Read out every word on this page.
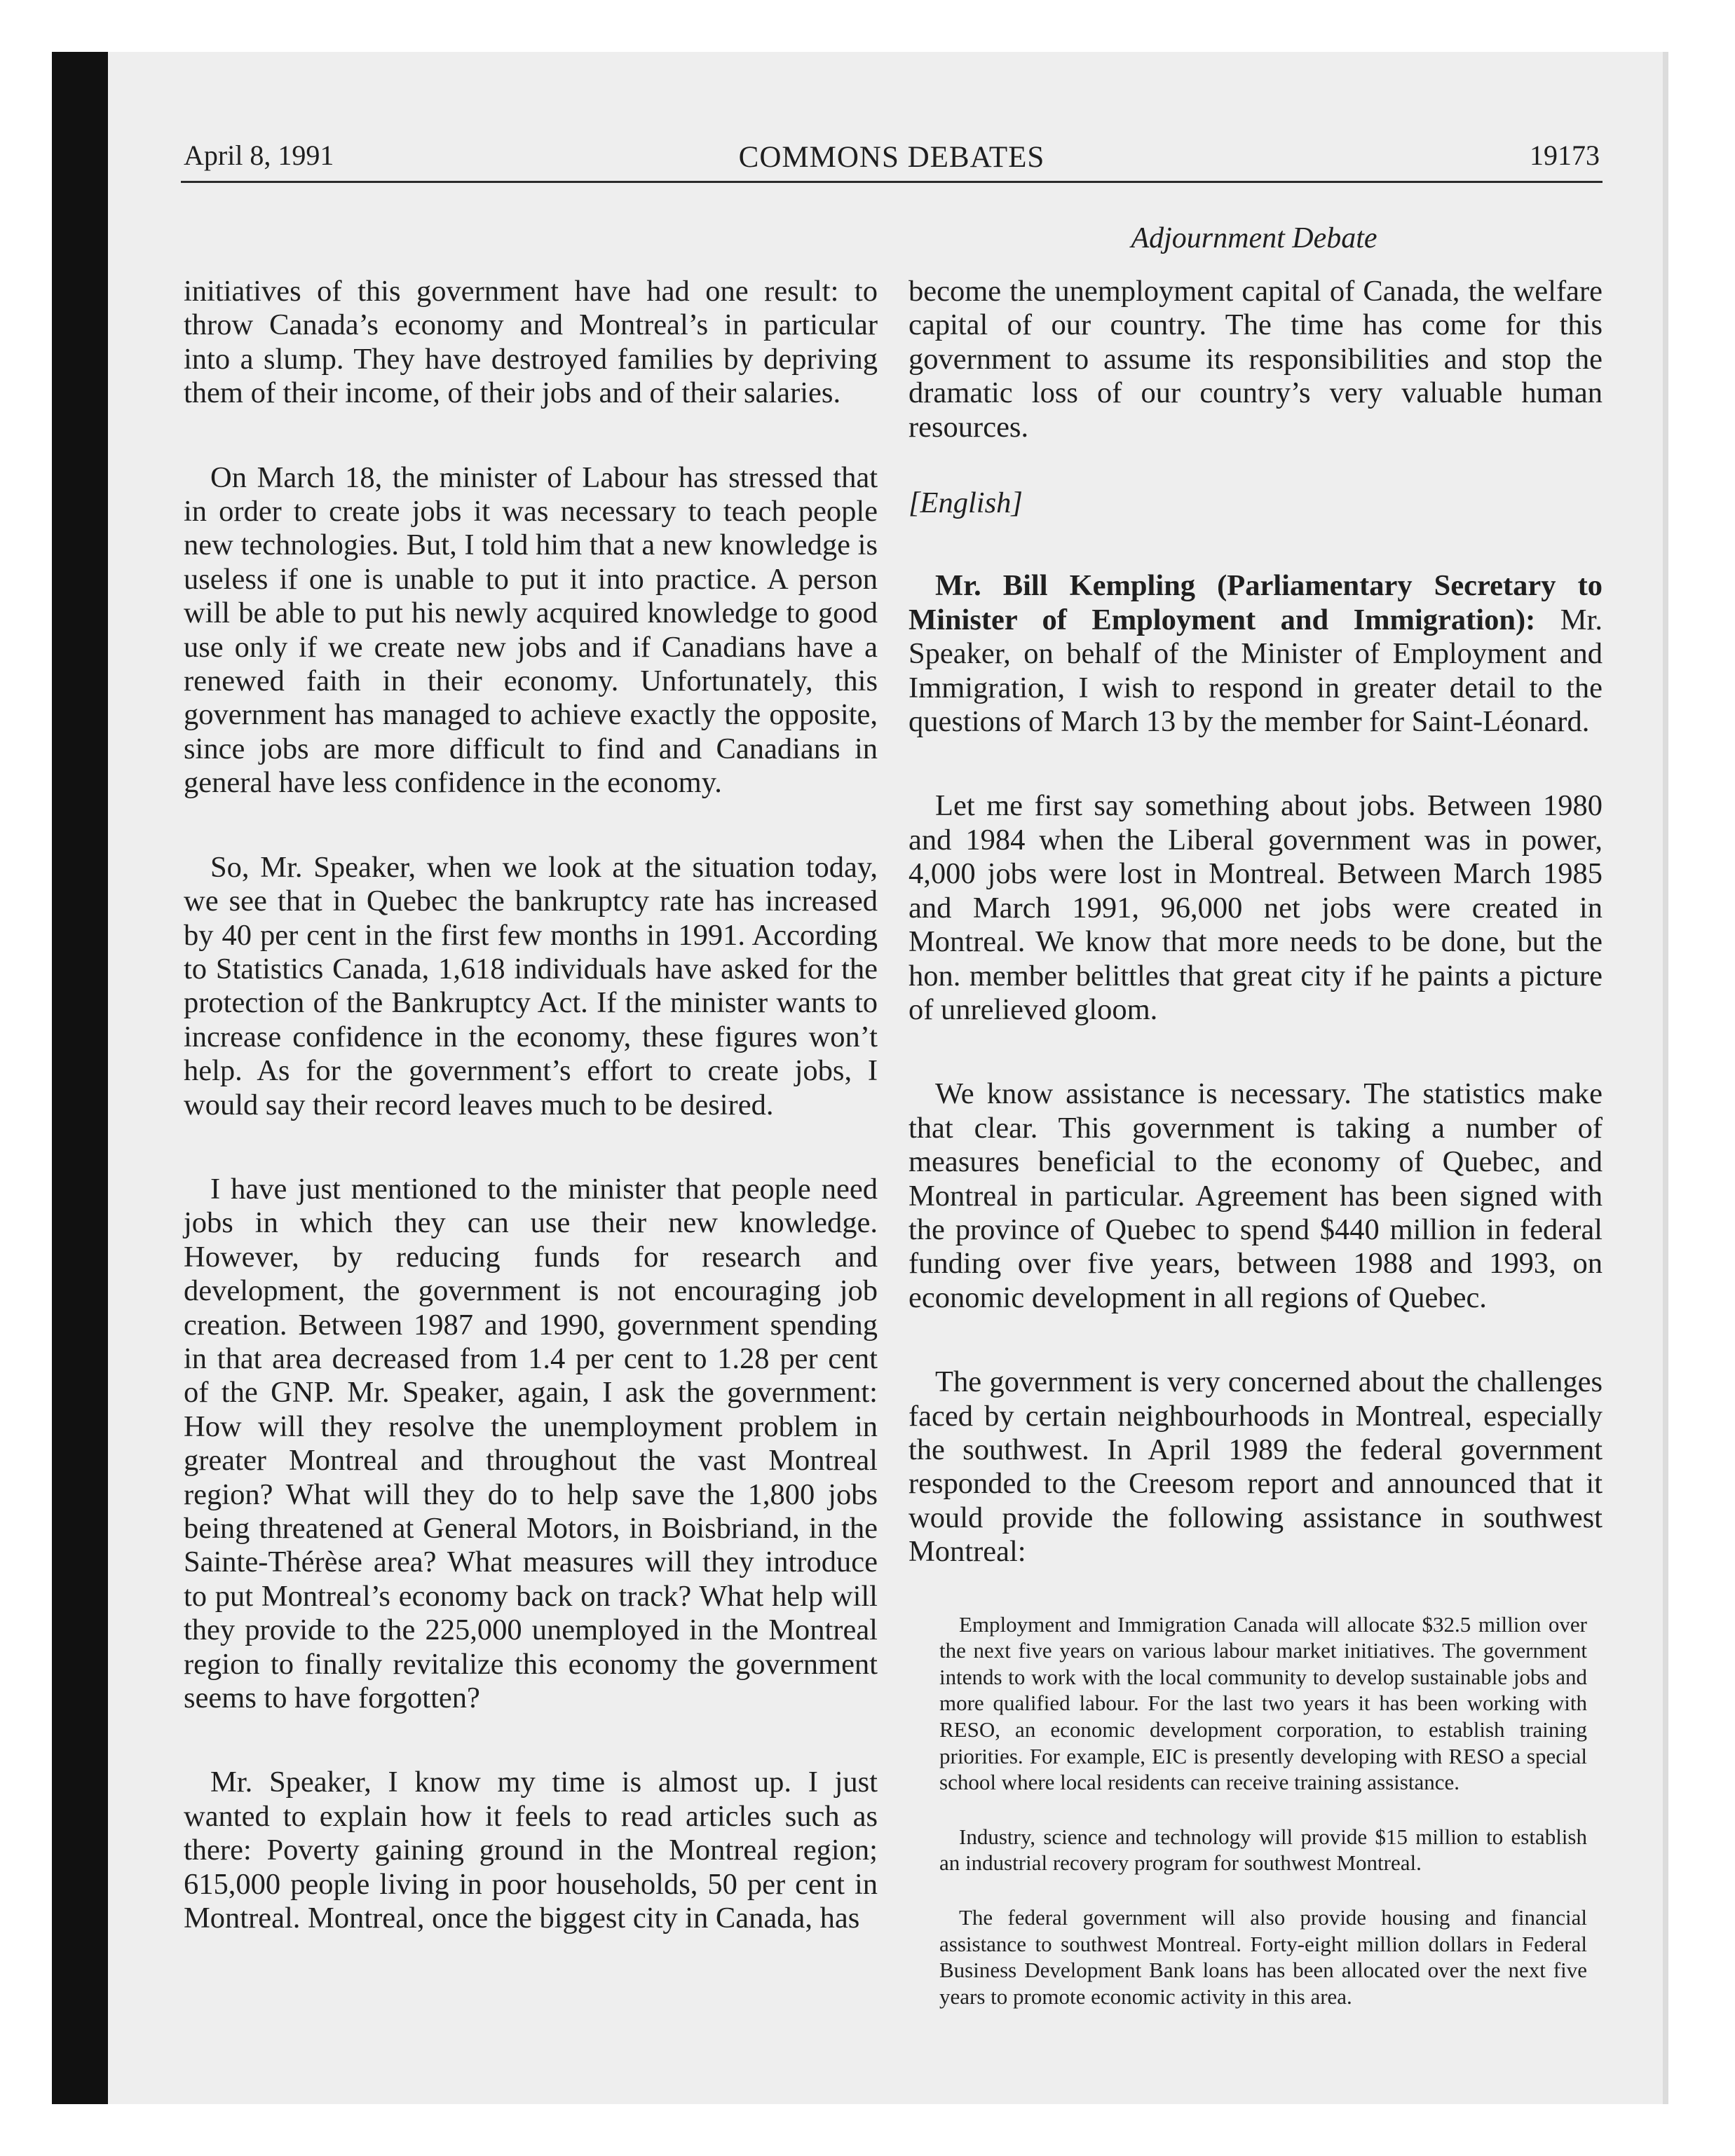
April 8, 1991	COMMONS DEBATES	19173
Adjournment Debate

initiatives of this government have had one result: to throw Canada’s economy and Montreal’s in particular into a slump. They have destroyed families by depriving them of their income, of their jobs and of their salaries.

On March 18, the minister of Labour has stressed that in order to create jobs it was necessary to teach people new technologies. But, I told him that a new knowledge is useless if one is unable to put it into practice. A person will be able to put his newly acquired knowledge to good use only if we create new jobs and if Canadians have a renewed faith in their economy. Unfortunately, this government has managed to achieve exactly the opposite, since jobs are more difficult to find and Canadians in general have less confidence in the economy.

So, Mr. Speaker, when we look at the situation today, we see that in Quebec the bankruptcy rate has increased by 40 per cent in the first few months in 1991. According to Statistics Canada, 1,618 individuals have asked for the protection of the Bankruptcy Act. If the minister wants to increase confidence in the economy, these figures won’t help. As for the government’s effort to create jobs, I would say their record leaves much to be desired.

I have just mentioned to the minister that people need jobs in which they can use their new knowledge. However, by reducing funds for research and development, the government is not encouraging job creation. Between 1987 and 1990, government spending in that area decreased from 1.4 per cent to 1.28 per cent of the GNP. Mr. Speaker, again, I ask the government: How will they resolve the unemployment problem in greater Montreal and throughout the vast Montreal region? What will they do to help save the 1,800 jobs being threatened at General Motors, in Boisbriand, in the Sainte-Thérèse area? What measures will they introduce to put Montreal’s economy back on track? What help will they provide to the 225,000 unemployed in the Montreal region to finally revitalize this economy the government seems to have forgotten?

Mr. Speaker, I know my time is almost up. I just wanted to explain how it feels to read articles such as there: Poverty gaining ground in the Montreal region; 615,000 people living in poor households, 50 per cent in Montreal. Montreal, once the biggest city in Canada, has

become the unemployment capital of Canada, the welfare capital of our country. The time has come for this government to assume its responsibilities and stop the dramatic loss of our country’s very valuable human resources.

[English]

Mr. Bill Kempling (Parliamentary Secretary to Minister of Employment and Immigration): Mr. Speaker, on behalf of the Minister of Employment and Immigration, I wish to respond in greater detail to the questions of March 13 by the member for Saint-Léonard.

Let me first say something about jobs. Between 1980 and 1984 when the Liberal government was in power, 4,000 jobs were lost in Montreal. Between March 1985 and March 1991, 96,000 net jobs were created in Montreal. We know that more needs to be done, but the hon. member belittles that great city if he paints a picture of unrelieved gloom.

We know assistance is necessary. The statistics make that clear. This government is taking a number of measures beneficial to the economy of Quebec, and Montreal in particular. Agreement has been signed with the province of Quebec to spend $440 million in federal funding over five years, between 1988 and 1993, on economic development in all regions of Quebec.

The government is very concerned about the challenges faced by certain neighbourhoods in Montreal, especially the southwest. In April 1989 the federal government responded to the Creesom report and announced that it would provide the following assistance in southwest Montreal:

Employment and Immigration Canada will allocate $32.5 million over the next five years on various labour market initiatives. The government intends to work with the local community to develop sustainable jobs and more qualified labour. For the last two years it has been working with RESO, an economic development corporation, to establish training priorities. For example, EIC is presently developing with RESO a special school where local residents can receive training assistance.

Industry, science and technology will provide $15 million to establish an industrial recovery program for southwest Montreal.

The federal government will also provide housing and financial assistance to southwest Montreal. Forty-eight million dollars in Federal Business Development Bank loans has been allocated over the next five years to promote economic activity in this area.
